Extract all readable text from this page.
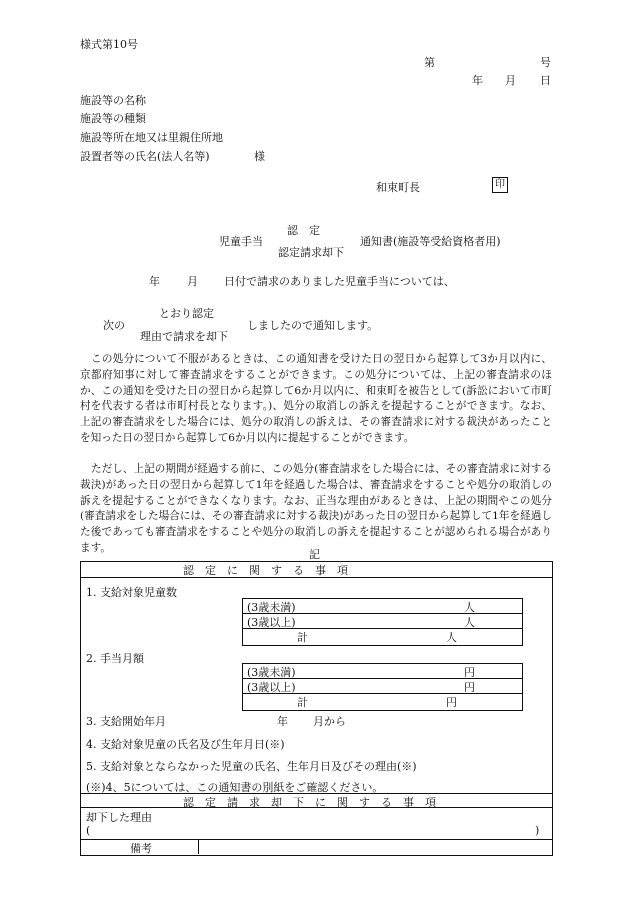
様式第10号
第	号
年 月 日
施設等の名称
施設等の種類
施設等所在地又は里親住所地
設置者等の氏名(法人名等)	様
和束町長	印
認　定
児童手当	通知書(施設等受給資格者用)
認定請求却下
年 月 日付で請求のありました児童手当については、
とおり認定
次の	しましたので通知します。
理由で請求を却下
この処分について不服があるときは、この通知書を受けた日の翌日から起算して3か月以内に、京都府知事に対して審査請求をすることができます。この処分については、上記の審査請求のほか、この通知を受けた日の翌日から起算して6か月以内に、和束町を被告として(訴訟において市町村を代表する者は市町村長となります。)、処分の取消しの訴えを提起することができます。なお、上記の審査請求をした場合には、処分の取消しの訴えは、その審査請求に対する裁決があったことを知った日の翌日から起算して6か月以内に提起することができます。
ただし、上記の期間が経過する前に、この処分(審査請求をした場合には、その審査請求に対する裁決)があった日の翌日から起算して1年を経過した場合は、審査請求をすることや処分の取消しの訴えを提起することができなくなります。なお、正当な理由があるときは、上記の期間やこの処分(審査請求をした場合には、その審査請求に対する裁決)があった日の翌日から起算して1年を経過した後であっても審査請求をすることや処分の取消しの訴えを提起することが認められる場合があります。
記
認　定　に　関　す　る　事　項
1. 支給対象児童数
(3歳未満)	人
(3歳以上)	人
計	人
2. 手当月額
(3歳未満)	円
(3歳以上)	円
計	円
3. 支給開始年月	年 月から
4. 支給対象児童の氏名及び生年月日(※)
5. 支給対象とならなかった児童の氏名、生年月日及びその理由(※)
(※)4、5については、この通知書の別紙をご確認ください。
認　定　請　求　却　下　に　関　す　る　事　項
却下した理由
(	)
備考
